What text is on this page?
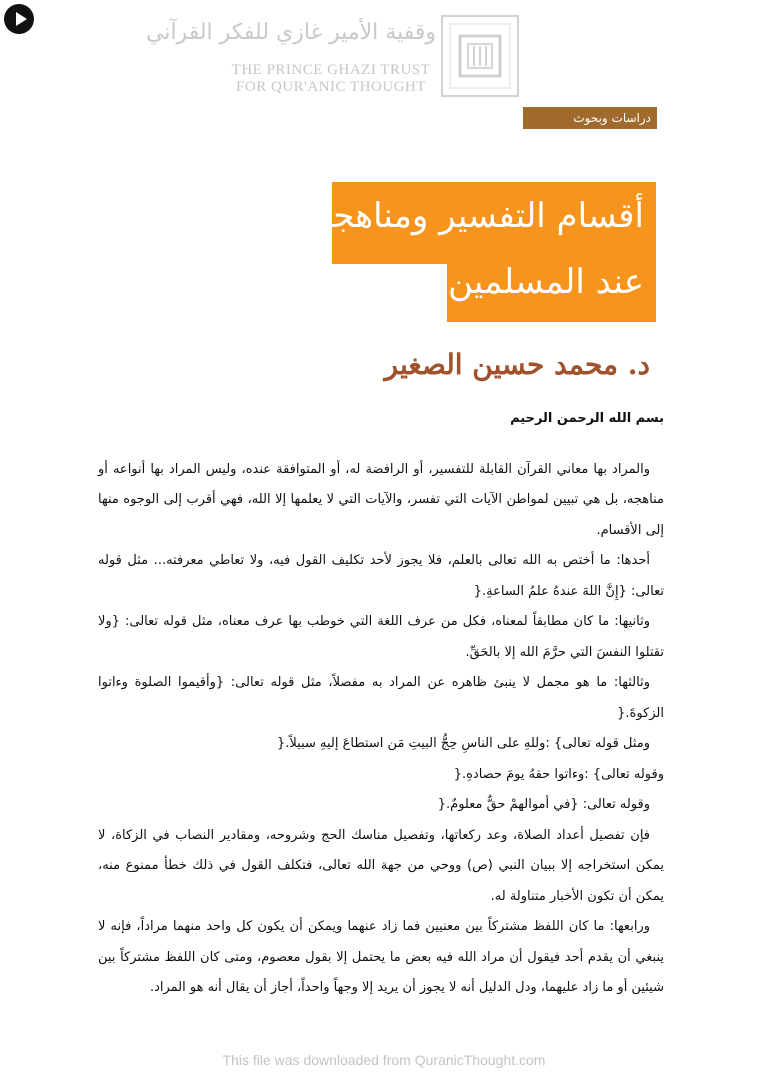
وقفية الأمير غازي للفكر القرآني
THE PRINCE GHAZI TRUST
FOR QUR'ANIC THOUGHT
دراسات وبحوث
أقسام التفسير ومناهجه
عند المسلمين
د. محمد حسين الصغير

بسم الله الرحمن الرحيم

والمراد بها معاني القرآن القابلة للتفسير، أو الرافضة له، أو المتوافقة عنده، وليس المراد بها أنواعه أو مناهجه، بل هي تبيين لمواطن الآيات التي تفسر، والآيات التي لا يعلمها إلا الله، فهي أقرب إلى الوجوه منها إلى الأقسام.

أحدها: ما أختص به الله تعالى بالعلم، فلا يجوز لأحد تكليف القول فيه، ولا تعاطي معرفته... مثل قوله تعالى: {إِنَّ اللهَ عندهُ علمُ الساعةِ.{

وثانيها: ما كان مطابقاً لمعناه، فكل من عرف اللغة التي خوطب بها عرف معناه، مثل قوله تعالى: {ولا تقتلوا النفسَ التي حرَّمَ الله إلا بالحَقِّ.

وثالثها: ما هو مجمل لا ينبئ ظاهره عن المراد به مفصلاً، مثل قوله تعالى: {وأقيموا الصلوة وءاتوا الزكوةَ.{

ومثل قوله تعالى} :وللهِ على الناسِ حِجُّ البيتِ مَن استطاعَ إليهِ سبيلاً.{

وقوله تعالى} :وءاتوا حقهُ يومَ حصادهِ.{

وقوله تعالى: {في أموالهمْ حقٌّ معلومٌ.{

فإن تفصيل أعداد الصلاة، وعد ركعاتها، وتفصيل مناسك الحج وشروحه، ومقادير النصاب في الزكاة، لا يمكن استخراجه إلا ببيان النبي (ص) ووحي من جهة الله تعالى، فتكلف القول في ذلك خطأ ممنوع منه، يمكن أن تكون الأخبار متناولة له.

ورابعها: ما كان اللفظ مشتركاً بين معنيين فما زاد عنهما ويمكن أن يكون كل واحد منهما مراداً، فإنه لا ينبغي أن يقدم أحد فيقول أن مراد الله فيه بعض ما يحتمل إلا بقول معصوم، ومتى كان اللفظ مشتركاً بين شيئين أو ما زاد عليهما، ودل الدليل أنه لا يجوز أن يريد إلا وجهاً واحداً، أجاز أن يقال أنه هو المراد.

This file was downloaded from QuranicThought.com
